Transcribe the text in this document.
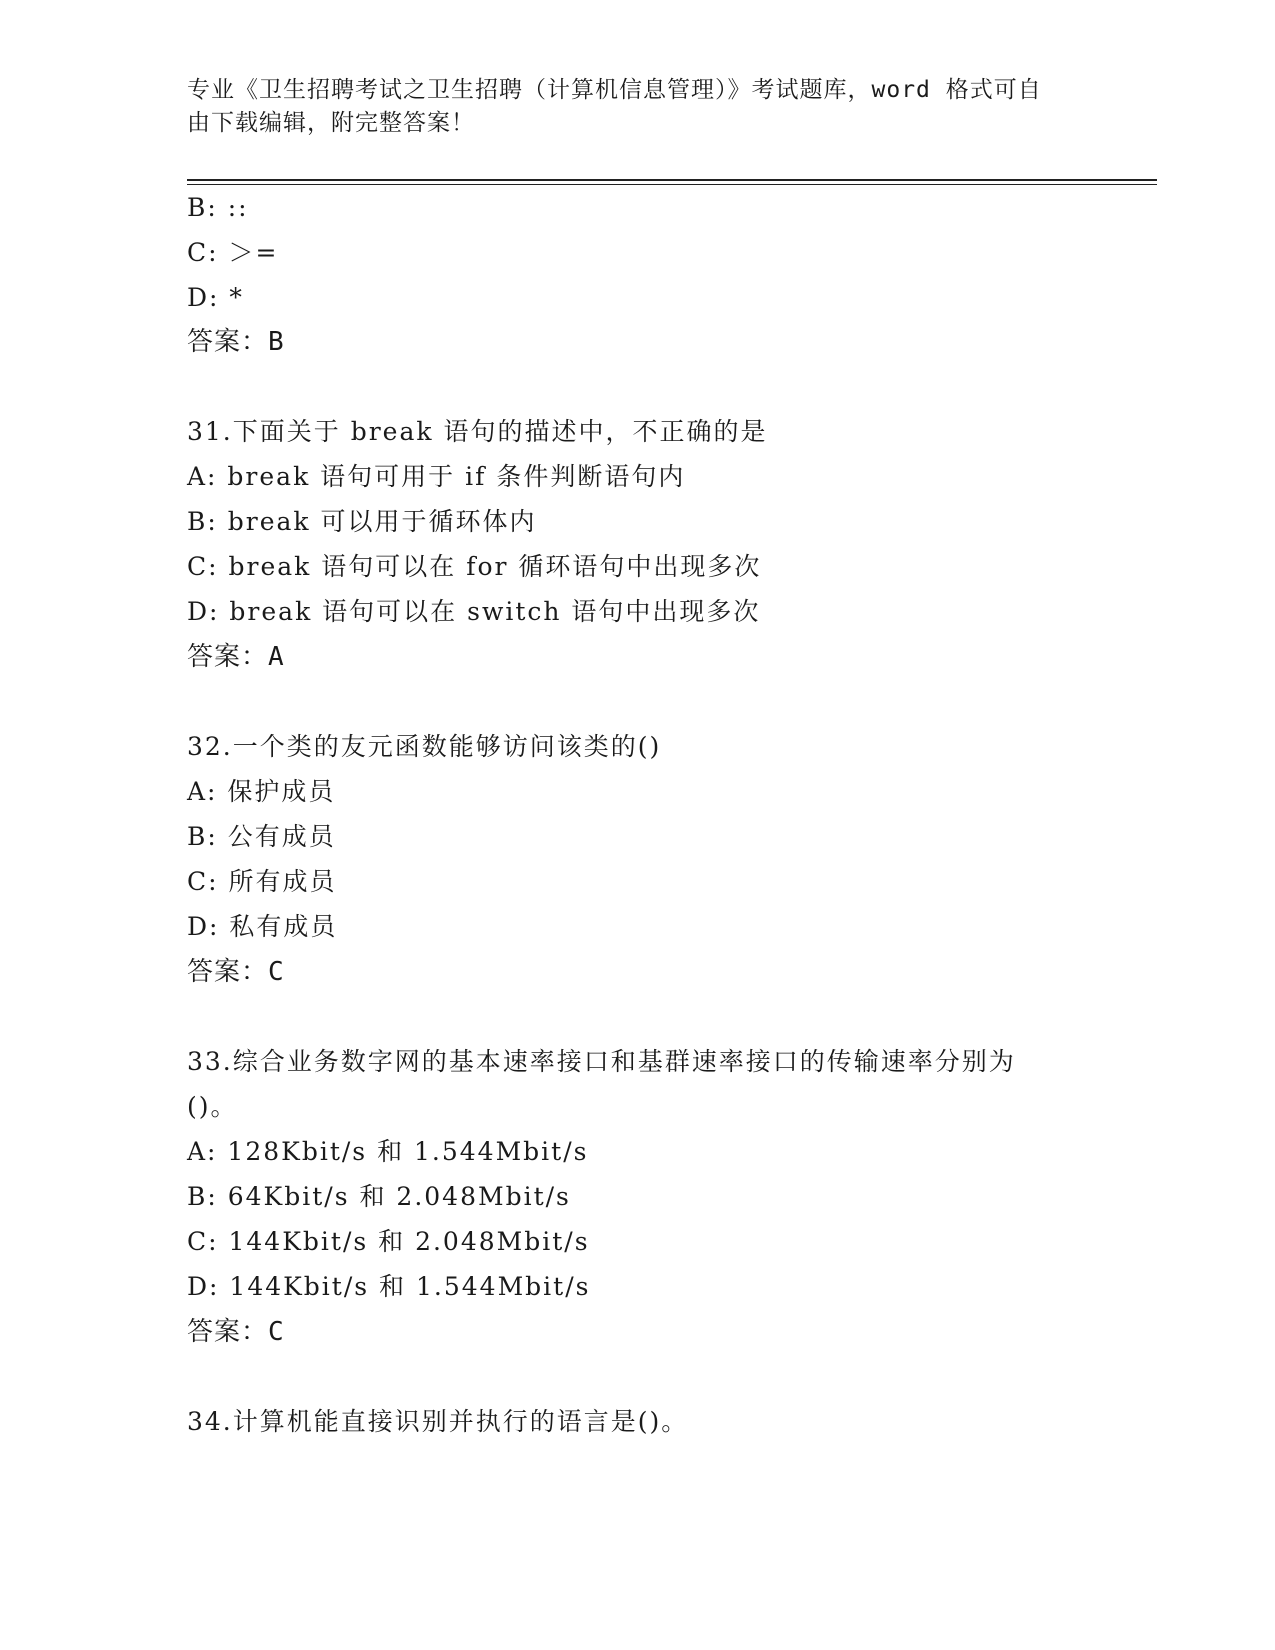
专业《卫生招聘考试之卫生招聘（计算机信息管理）》考试题库，word 格式可自
由下载编辑，附完整答案！
B: ::
C: ＞=
D: *
答案：B
31.下面关于 break 语句的描述中，不正确的是
A: break 语句可用于 if 条件判断语句内
B: break 可以用于循环体内
C: break 语句可以在 for 循环语句中出现多次
D: break 语句可以在 switch 语句中出现多次
答案：A
32.一个类的友元函数能够访问该类的()
A: 保护成员
B: 公有成员
C: 所有成员
D: 私有成员
答案：C
33.综合业务数字网的基本速率接口和基群速率接口的传输速率分别为
()。
A: 128Kbit/s 和 1.544Mbit/s
B: 64Kbit/s 和 2.048Mbit/s
C: 144Kbit/s 和 2.048Mbit/s
D: 144Kbit/s 和 1.544Mbit/s
答案：C
34.计算机能直接识别并执行的语言是()。
